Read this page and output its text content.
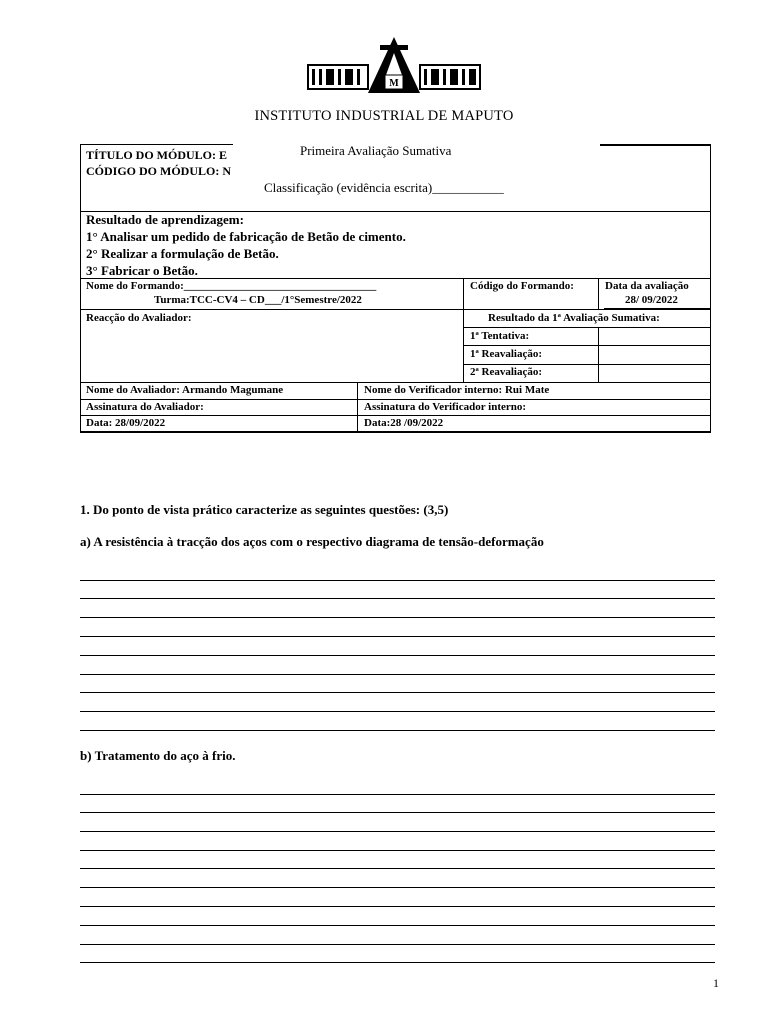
M
INSTITUTO INDUSTRIAL DE MAPUTO
TÍTULO DO MÓDULO: E
CÓDIGO DO MÓDULO: N
Primeira Avaliação Sumativa
Classificação (evidência escrita)___________
Resultado de aprendizagem:
1° Analisar um pedido de fabricação de Betão de cimento.
2° Realizar a formulação de Betão.
3° Fabricar o Betão.
Nome do Formando:___________________________________
Turma:TCC-CV4 – CD___/1°Semestre/2022
Código do Formando:	Data da avaliação
28/ 09/2022
Reacção do Avaliador:	Resultado da 1ª Avaliação Sumativa:
1ª Tentativa:
1ª Reavaliação:
2ª Reavaliação:
Nome do Avaliador: Armando Magumane	Nome do Verificador interno: Rui Mate
Assinatura do Avaliador:	Assinatura do Verificador interno:
Data: 28/09/2022	Data:28 /09/2022
1. Do ponto de vista prático caracterize as seguintes questões: (3,5)
a) A resistência à tracção dos aços com o respectivo diagrama de tensão-deformação
b) Tratamento do aço à frio.
1
